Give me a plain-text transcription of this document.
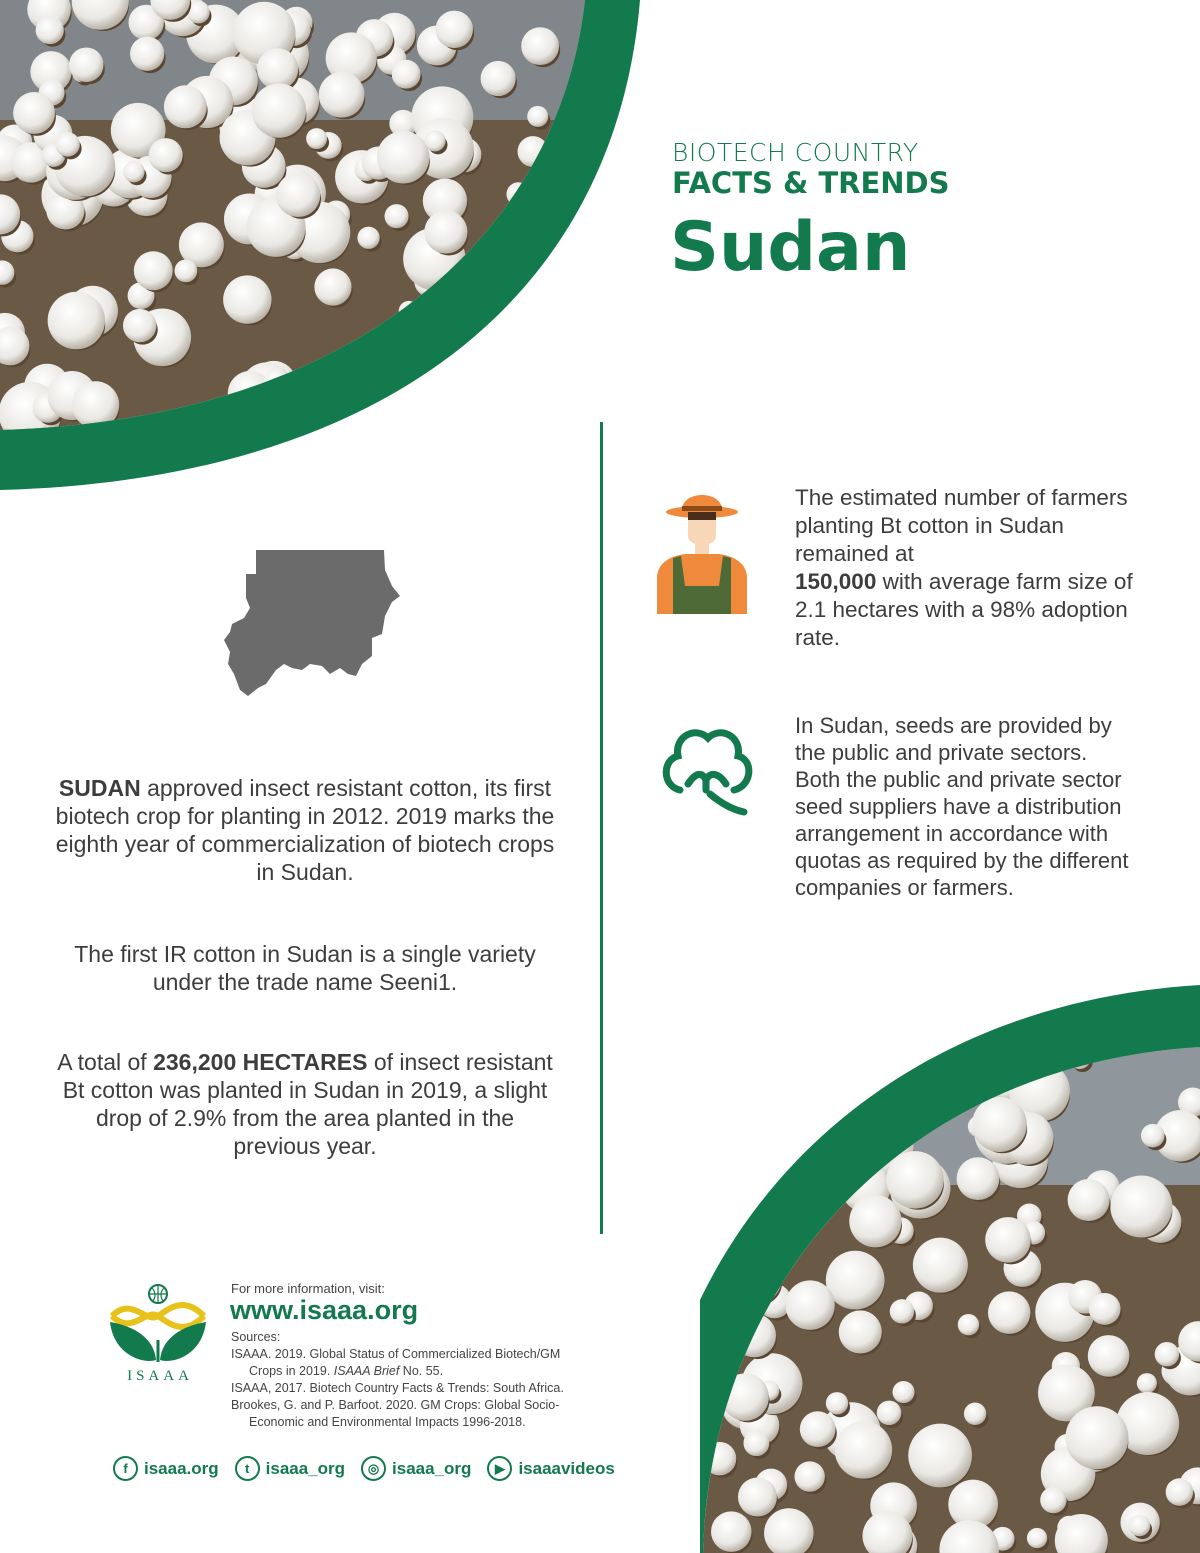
BIOTECH COUNTRY
FACTS & TRENDS
Sudan
SUDAN approved insect resistant cotton, its first biotech crop for planting in 2012. 2019 marks the eighth year of commercialization of biotech crops in Sudan.
The first IR cotton in Sudan is a single variety under the trade name Seeni1.
A total of 236,200 HECTARES of insect resistant Bt cotton was planted in Sudan in 2019, a slight drop of 2.9% from the area planted in the previous year.
The estimated number of farmers planting Bt cotton in Sudan remained at
150,000 with average farm size of 2.1 hectares with a 98% adoption rate.
In Sudan, seeds are provided by the public and private sectors. Both the public and private sector seed suppliers have a distribution arrangement in accordance with quotas as required by the different companies or farmers.
ISAAA
For more information, visit:
www.isaaa.org
Sources:
ISAAA. 2019. Global Status of Commercialized Biotech/GM
Crops in 2019. ISAAA Brief No. 55.
ISAAA, 2017. Biotech Country Facts & Trends: South Africa.
Brookes, G. and P. Barfoot. 2020. GM Crops: Global Socio-
Economic and Environmental Impacts 1996-2018.
f isaaa.org	t isaaa_org	◎ isaaa_org	▶ isaaavideos
